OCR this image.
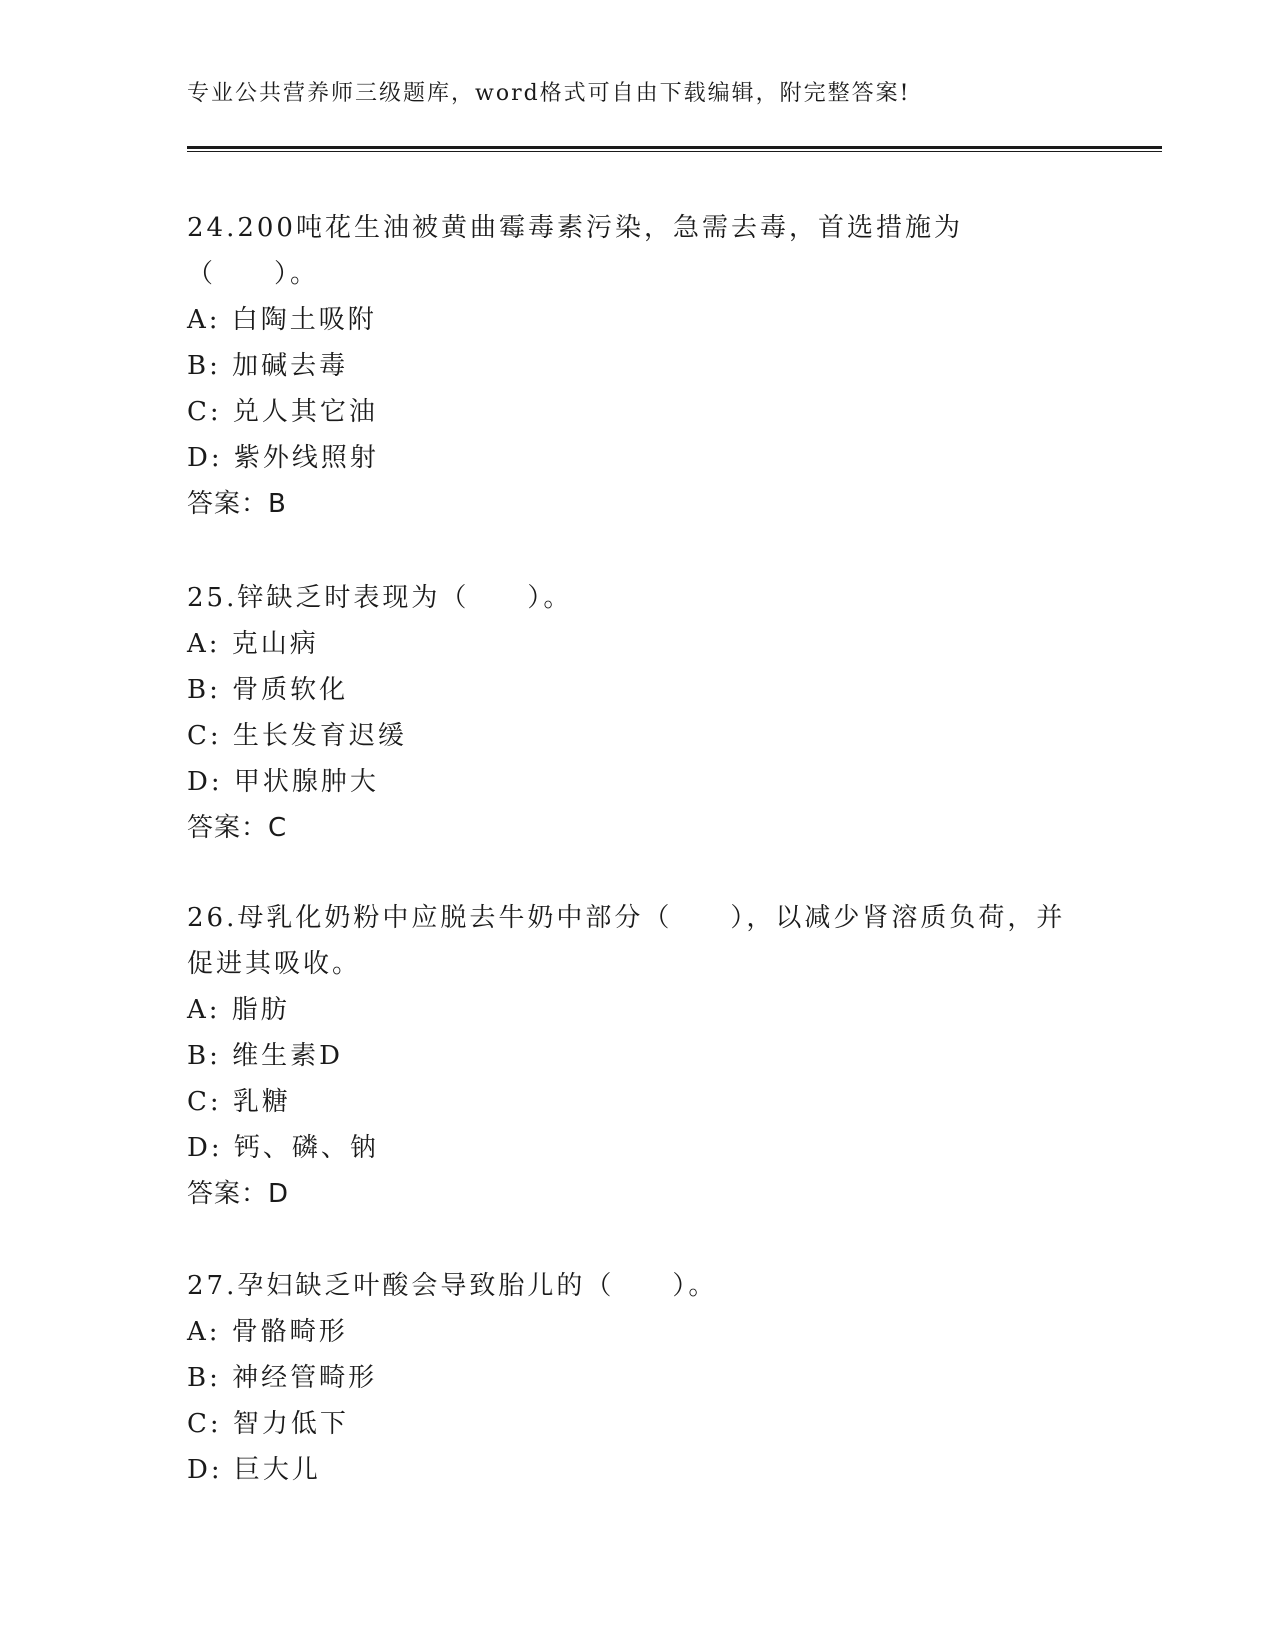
专业公共营养师三级题库，word格式可自由下载编辑，附完整答案!

24.200吨花生油被黄曲霉毒素污染，急需去毒，首选措施为（　　）。

A: 白陶土吸附

B: 加碱去毒

C: 兑人其它油

D: 紫外线照射

答案：B

25.锌缺乏时表现为（　　）。

A: 克山病

B: 骨质软化

C: 生长发育迟缓

D: 甲状腺肿大

答案：C

26.母乳化奶粉中应脱去牛奶中部分（　　），以减少肾溶质负荷，并促进其吸收。

A: 脂肪

B: 维生素D

C: 乳糖

D: 钙、磷、钠

答案：D

27.孕妇缺乏叶酸会导致胎儿的（　　）。

A: 骨骼畸形

B: 神经管畸形

C: 智力低下

D: 巨大儿
